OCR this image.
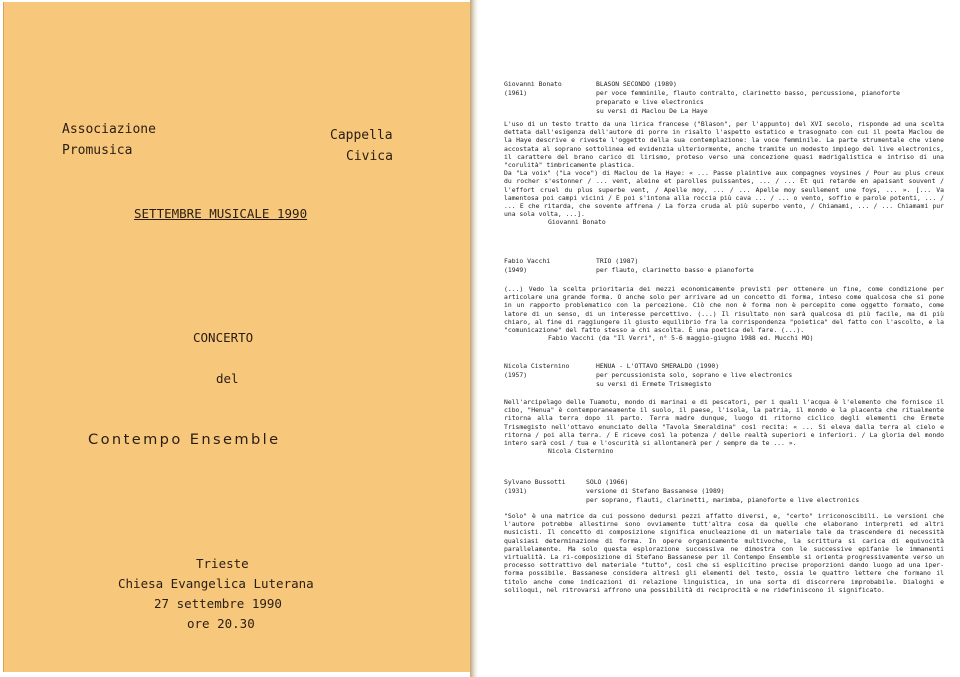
Associazione
Promusica
Cappella
Civica
SETTEMBRE MUSICALE 1990
CONCERTO
del
Contempo Ensemble
Trieste
Chiesa Evangelica Luterana
27 settembre 1990
ore 20.30
Giovanni Bonato
(1961)
BLASON SECONDO (1989)
per voce femminile, flauto contralto, clarinetto basso, percussione, pianoforte
preparato e live electronics
su versi di Maclou De La Haye

L'uso di un testo tratto da una lirica francese ("Blason", per l'appunto) del XVI secolo, risponde ad una scelta dettata dall'esigenza dell'autore di porre in risalto l'aspetto estatico e trasognato con cui il poeta Maclou de la Haye descrive e riveste l'oggetto della sua contemplazione: la voce femminile. La parte strumentale che viene accostata al soprano sottolinea ed evidenzia ulteriormente, anche tramite un modesto impiego del live electronics, il carattere del brano carico di lirismo, proteso verso una concezione quasi madrigalistica e intriso di una "corulità" timbricamente plastica.

Da "La voix" ("La voce") di Maclou de la Haye: « ... Passe plaintive aux compagnes voysines / Pour au plus creux du rocher s'estonner / ... vent, aleine et parolles puissantes, ... / ... Et qui retarde en apaisant souvent / l'effort cruel du plus superbe vent, / Apelle moy, ... / ... Apelle moy seullement une foys, ... ». [... Va lamentosa poi campi vicini / E poi s'intona alla roccia più cava ... / ... o vento, soffio e parole potenti, ... / ... E che ritarda, che sovente affrena / La forza cruda al più superbo vento, / Chiamami, ... / ... Chiamami pur una sola volta, ...].

Giovanni Bonato

Fabio Vacchi
(1949)
TRIO (1987)
per flauto, clarinetto basso e pianoforte

(...) Vedo la scelta prioritaria dei mezzi economicamente previsti per ottenere un fine, come condizione per articolare una grande forma. O anche solo per arrivare ad un concetto di forma, inteso come qualcosa che si pone in un rapporto problematico con la percezione. Ciò che non è forma non è percepito come oggetto formato, come latore di un senso, di un interesse percettivo. (...) Il risultato non sarà qualcosa di più facile, ma di più chiaro, al fine di raggiungere il giusto equilibrio fra la corrispondenza "poietica" del fatto con l'ascolto, e la "comunicazione" del fatto stesso a chi ascolta. È una poetica del fare. (...).

Fabio Vacchi (da "Il Verri", n° 5-6 maggio-giugno 1988 ed. Mucchi MO)

Nicola Cisternino
(1957)
HENUA - L'OTTAVO SMERALDO (1990)
per percussionista solo, soprano e live electronics
su versi di Ermete Trismegisto

Nell'arcipelago delle Tuamotu, mondo di marinai e di pescatori, per i quali l'acqua è l'elemento che fornisce il cibo, "Henua" è contemporaneamente il suolo, il paese, l'isola, la patria, il mondo e la placenta che ritualmente ritorna alla terra dopo il parto. Terra madre dunque, luogo di ritorno ciclico degli elementi che Ermete Trismegisto nell'ottavo enunciato della "Tavola Smeraldina" così recita: « ... Si eleva dalla terra al cielo e ritorna / poi alla terra. / E riceve così la potenza / delle realtà superiori e inferiori. / La gloria del mondo intero sarà così / tua e l'oscurità si allontanerà per / sempre da te ... ».

Nicola Cisternino

Sylvano Bussotti
(1931)
SOLO (1966)
versione di Stefano Bassanese (1989)
per soprano, flauti, clarinetti, marimba, pianoforte e live electronics

"Solo" è una matrice da cui possono dedursi pezzi affatto diversi, e, "certo" irriconoscibili. Le versioni che l'autore potrebbe allestirne sono ovviamente tutt'altra cosa da quelle che elaborano interpreti ed altri musicisti. Il concetto di composizione significa enucleazione di un materiale tale da trascendere di necessità qualsiasi determinazione di forma. In opere organicamente multivoche, la scrittura si carica di equivocità parallelamente. Ma solo questa esplorazione successiva ne dimostra con le successive epifanie le immanenti virtualità. La ri-composizione di Stefano Bassanese per il Contempo Ensemble si orienta progressivamente verso un processo sottrattivo del materiale "tutto", così che si esplicitino precise proporzioni dando luogo ad una iper-forma possibile. Bassanese considera altresì gli elementi del testo, ossia le quattro lettere che formano il titolo anche come indicazioni di relazione linguistica, in una sorta di discorrere improbabile. Dialoghi e soliloqui, nel ritrovarsi affrono una possibilità di reciprocità e ne ridefiniscono il significato.
